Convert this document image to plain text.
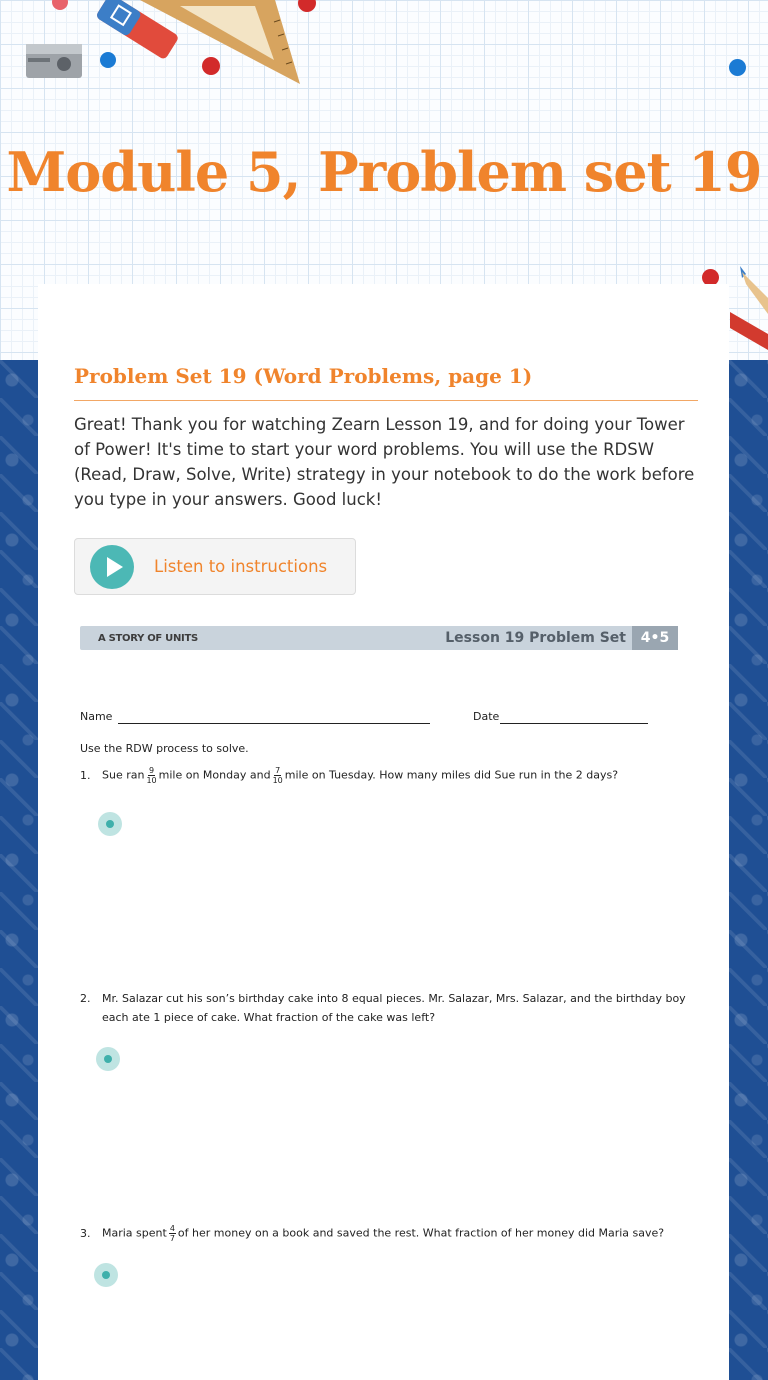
Module 5, Problem set 19
Problem Set 19 (Word Problems, page 1)

Great! Thank you for watching Zearn Lesson 19, and for doing your Tower of Power! It's time to start your word problems. You will use the RDSW (Read, Draw, Solve, Write) strategy in your notebook to do the work before you type in your answers. Good luck!

Listen to instructions
A STORY OF UNITS	Lesson 19 Problem Set	4•5
Name	Date
Use the RDW process to solve.
1. Sue ran $\frac{9}{10}$ mile on Monday and $\frac{7}{10}$ mile on Tuesday. How many miles did Sue run in the 2 days?
2. Mr. Salazar cut his son’s birthday cake into 8 equal pieces. Mr. Salazar, Mrs. Salazar, and the birthday boy
each ate 1 piece of cake. What fraction of the cake was left?
3. Maria spent $\frac{4}{7}$ of her money on a book and saved the rest. What fraction of her money did Maria save?
